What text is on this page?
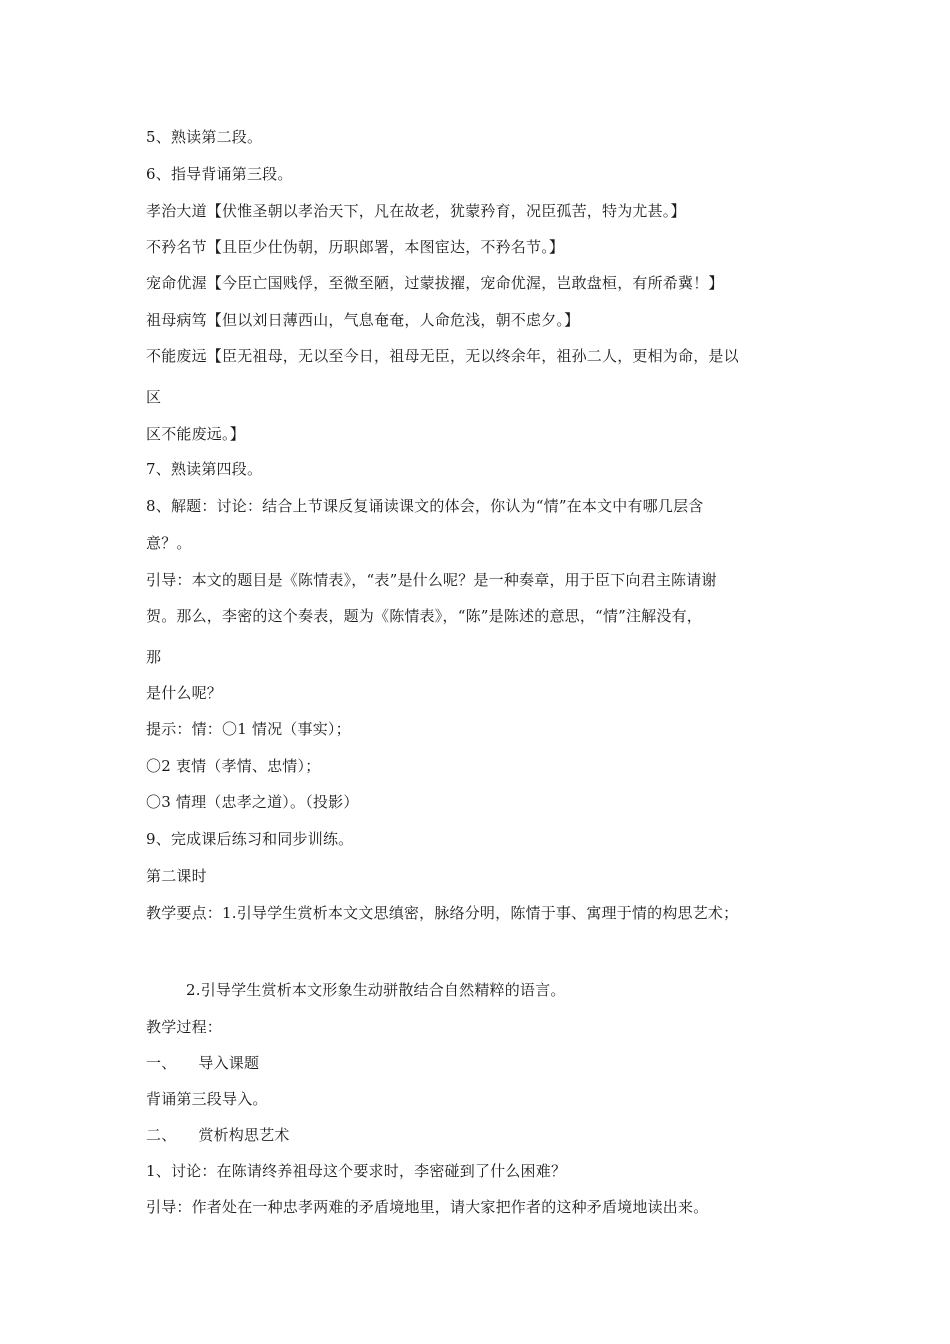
5、熟读第二段。
6、指导背诵第三段。
孝治大道【伏惟圣朝以孝治天下，凡在故老，犹蒙矜育，况臣孤苦，特为尤甚。】
不矜名节【且臣少仕伪朝，历职郎署，本图宦达，不矜名节。】
宠命优渥【今臣亡国贱俘，至微至陋，过蒙拔擢，宠命优渥，岂敢盘桓，有所希冀！】
祖母病笃【但以刘日薄西山，气息奄奄，人命危浅，朝不虑夕。】
不能废远【臣无祖母，无以至今日，祖母无臣，无以终余年，祖孙二人，更相为命，是以
区
区不能废远。】
7、熟读第四段。
8、解题：讨论：结合上节课反复诵读课文的体会，你认为“情”在本文中有哪几层含
意？。
引导：本文的题目是《陈情表》，“表”是什么呢？是一种奏章，用于臣下向君主陈请谢
贺。那么，李密的这个奏表，题为《陈情表》，“陈”是陈述的意思，“情”注解没有，
那
是什么呢？
提示：情：〇1 情况（事实）；
〇2 衷情（孝情、忠情）；
〇3 情理（忠孝之道）。（投影）
9、完成课后练习和同步训练。
第二课时
教学要点：1.引导学生赏析本文文思缜密，脉络分明，陈情于事、寓理于情的构思艺术；
2.引导学生赏析本文形象生动骈散结合自然精粹的语言。
教学过程：
一、 导入课题
背诵第三段导入。
二、 赏析构思艺术
1、讨论：在陈请终养祖母这个要求时，李密碰到了什么困难？
引导：作者处在一种忠孝两难的矛盾境地里，请大家把作者的这种矛盾境地读出来。
